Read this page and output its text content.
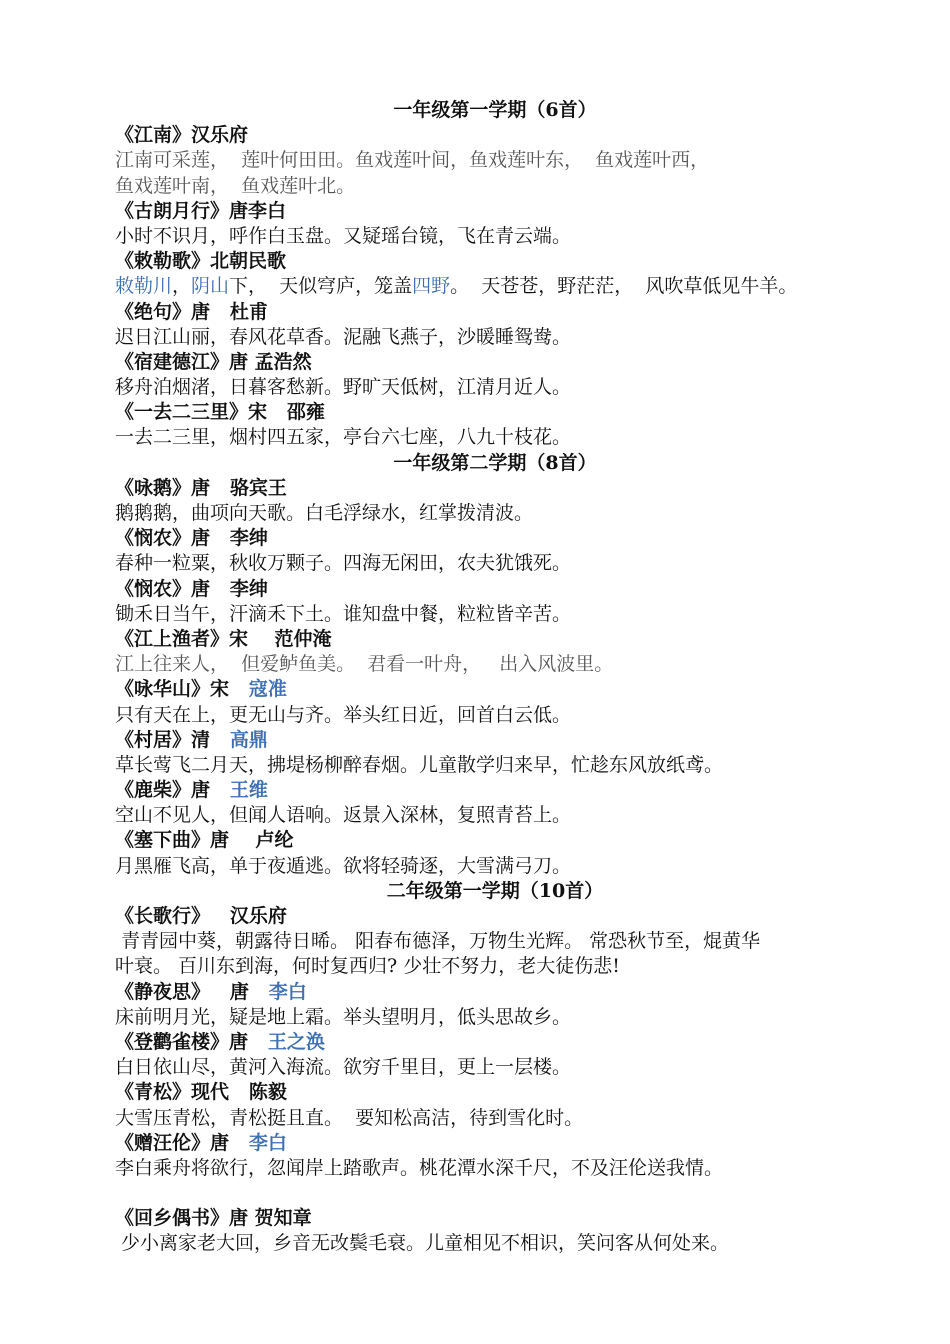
一年级第一学期（6首）
《江南》汉乐府
江南可采莲，  莲叶何田田。鱼戏莲叶间，鱼戏莲叶东，  鱼戏莲叶西，
鱼戏莲叶南，  鱼戏莲叶北。
《古朗月行》唐李白
小时不识月，呼作白玉盘。又疑瑶台镜，飞在青云端。
《敕勒歌》北朝民歌
敕勒川，阴山下，  天似穹庐，笼盖四野。  天苍苍，野茫茫，  风吹草低见牛羊。
《绝句》唐   杜甫
迟日江山丽，春风花草香。泥融飞燕子，沙暖睡鸳鸯。
《宿建德江》唐 孟浩然
移舟泊烟渚，日暮客愁新。野旷天低树，江清月近人。
《一去二三里》宋   邵雍
一去二三里，烟村四五家，亭台六七座，八九十枝花。
一年级第二学期（8首）
《咏鹅》唐   骆宾王
鹅鹅鹅，曲项向天歌。白毛浮绿水，红掌拨清波。
《悯农》唐   李绅
春种一粒粟，秋收万颗子。四海无闲田，农夫犹饿死。
《悯农》唐   李绅
锄禾日当午，汗滴禾下土。谁知盘中餐，粒粒皆辛苦。
《江上渔者》宋    范仲淹
江上往来人，  但爱鲈鱼美。  君看一叶舟，   出入风波里。
《咏华山》宋   寇准
只有天在上，更无山与齐。举头红日近，回首白云低。
《村居》清   高鼎
草长莺飞二月天，拂堤杨柳醉春烟。儿童散学归来早，忙趁东风放纸鸢。
《鹿柴》唐   王维
空山不见人，但闻人语响。返景入深林，复照青苔上。
《塞下曲》唐    卢纶
月黑雁飞高，单于夜遁逃。欲将轻骑逐，大雪满弓刀。
二年级第一学期（10首）
《长歌行》   汉乐府
青青园中葵，朝露待日晞。 阳春布德泽，万物生光辉。 常恐秋节至，焜黄华
叶衰。 百川东到海，何时复西归? 少壮不努力，老大徒伤悲!
《静夜思》   唐   李白
床前明月光，疑是地上霜。举头望明月，低头思故乡。
《登鹳雀楼》唐   王之涣
白日依山尽，黄河入海流。欲穷千里目，更上一层楼。
《青松》现代   陈毅
大雪压青松，青松挺且直。  要知松高洁，待到雪化时。
《赠汪伦》唐   李白
李白乘舟将欲行，忽闻岸上踏歌声。桃花潭水深千尺，不及汪伦送我情。
《回乡偶书》唐 贺知章
少小离家老大回，乡音无改鬓毛衰。儿童相见不相识，笑问客从何处来。
